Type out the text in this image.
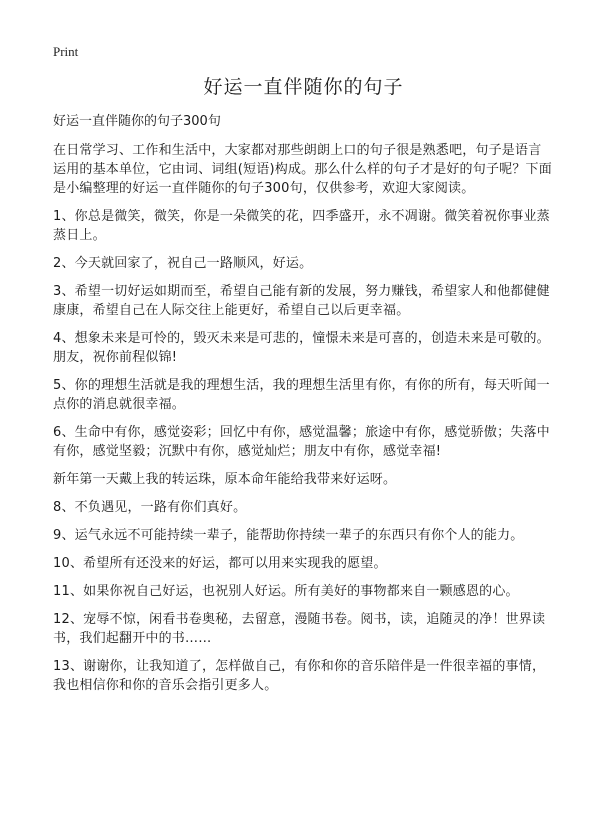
Print
好运一直伴随你的句子

好运一直伴随你的句子300句

在日常学习、工作和生活中，大家都对那些朗朗上口的句子很是熟悉吧，句子是语言运用的基本单位，它由词、词组(短语)构成。那么什么样的句子才是好的句子呢？下面是小编整理的好运一直伴随你的句子300句，仅供参考，欢迎大家阅读。

1、你总是微笑，微笑，你是一朵微笑的花，四季盛开，永不凋谢。微笑着祝你事业蒸蒸日上。

2、今天就回家了，祝自己一路顺风，好运。

3、希望一切好运如期而至，希望自己能有新的发展，努力赚钱，希望家人和他都健健康康，希望自己在人际交往上能更好，希望自己以后更幸福。

4、想象未来是可怜的，毁灭未来是可悲的，憧憬未来是可喜的，创造未来是可敬的。朋友，祝你前程似锦!

5、你的理想生活就是我的理想生活，我的理想生活里有你，有你的所有，每天听闻一点你的消息就很幸福。

6、生命中有你，感觉姿彩；回忆中有你，感觉温馨；旅途中有你，感觉骄傲；失落中有你，感觉坚毅；沉默中有你，感觉灿烂；朋友中有你，感觉幸福!

新年第一天戴上我的转运珠，原本命年能给我带来好运呀。

8、不负遇见，一路有你们真好。

9、运气永远不可能持续一辈子，能帮助你持续一辈子的东西只有你个人的能力。

10、希望所有还没来的好运，都可以用来实现我的愿望。

11、如果你祝自己好运，也祝别人好运。所有美好的事物都来自一颗感恩的心。

12、宠辱不惊，闲看书卷奥秘，去留意，漫随书卷。阅书，读，追随灵的净！世界读书，我们起翻开中的书……

13、谢谢你，让我知道了，怎样做自己，有你和你的音乐陪伴是一件很幸福的事情，我也相信你和你的音乐会指引更多人。
